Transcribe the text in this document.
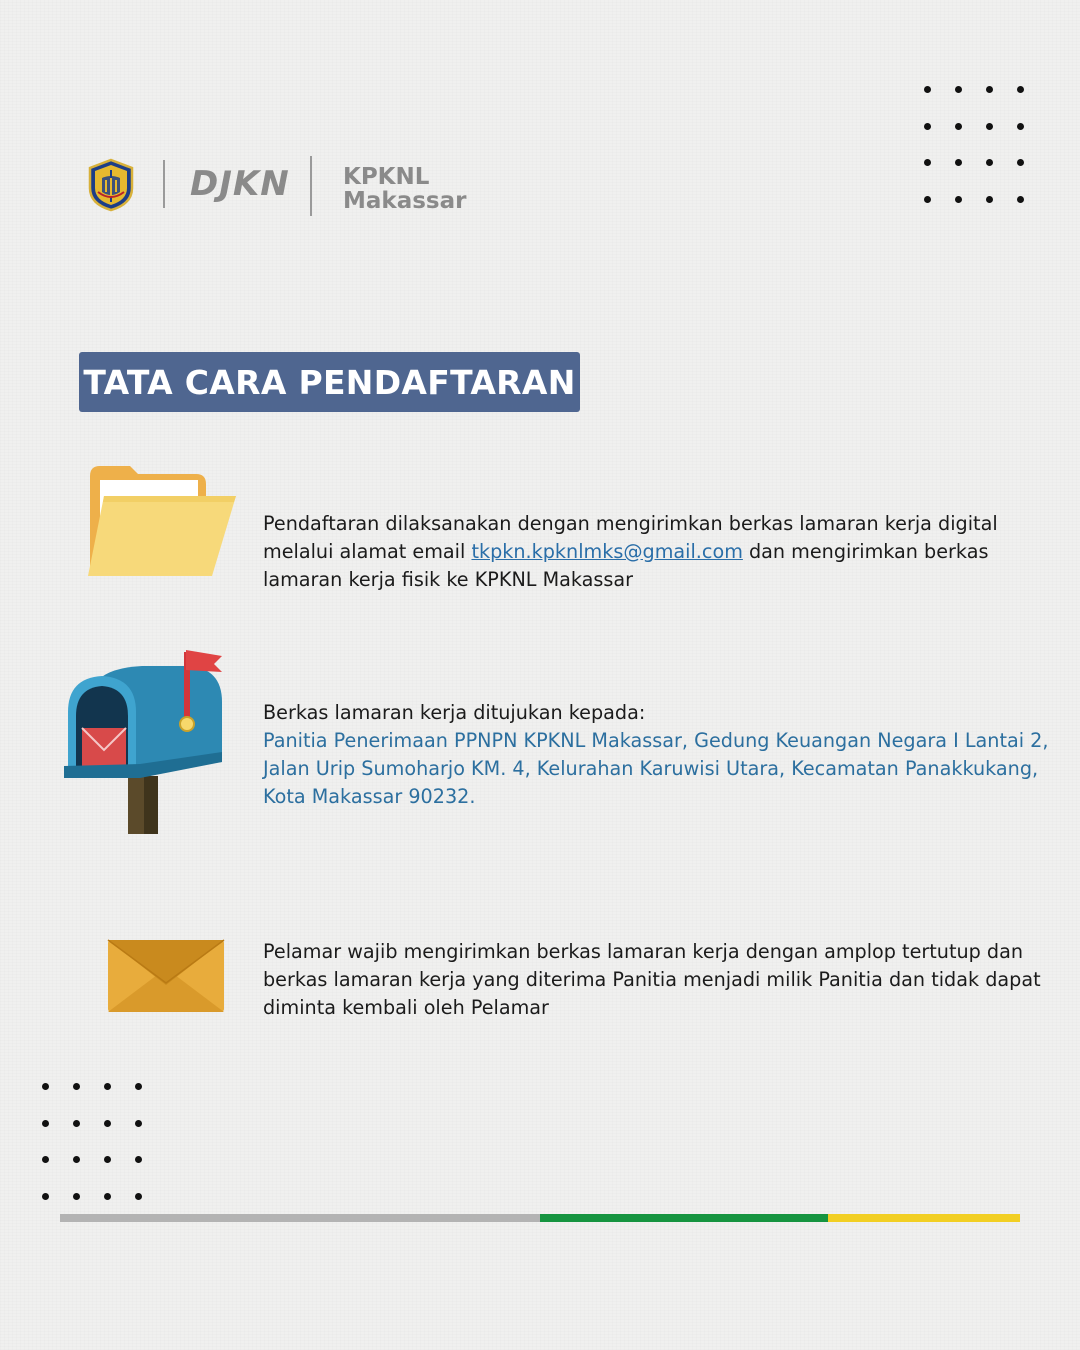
DJKN KPKNL
Makassar
TATA CARA PENDAFTARAN
Pendaftaran dilaksanakan dengan mengirimkan berkas lamaran kerja digital melalui alamat email tkpkn.kpknlmks@gmail.com dan mengirimkan berkas lamaran kerja fisik ke KPKNL Makassar
Berkas lamaran kerja ditujukan kepada:
Panitia Penerimaan PPNPN KPKNL Makassar, Gedung Keuangan Negara I Lantai 2, Jalan Urip Sumoharjo KM. 4, Kelurahan Karuwisi Utara, Kecamatan Panakkukang, Kota Makassar 90232.
Pelamar wajib mengirimkan berkas lamaran kerja dengan amplop tertutup dan berkas lamaran kerja yang diterima Panitia menjadi milik Panitia dan tidak dapat diminta kembali oleh Pelamar
